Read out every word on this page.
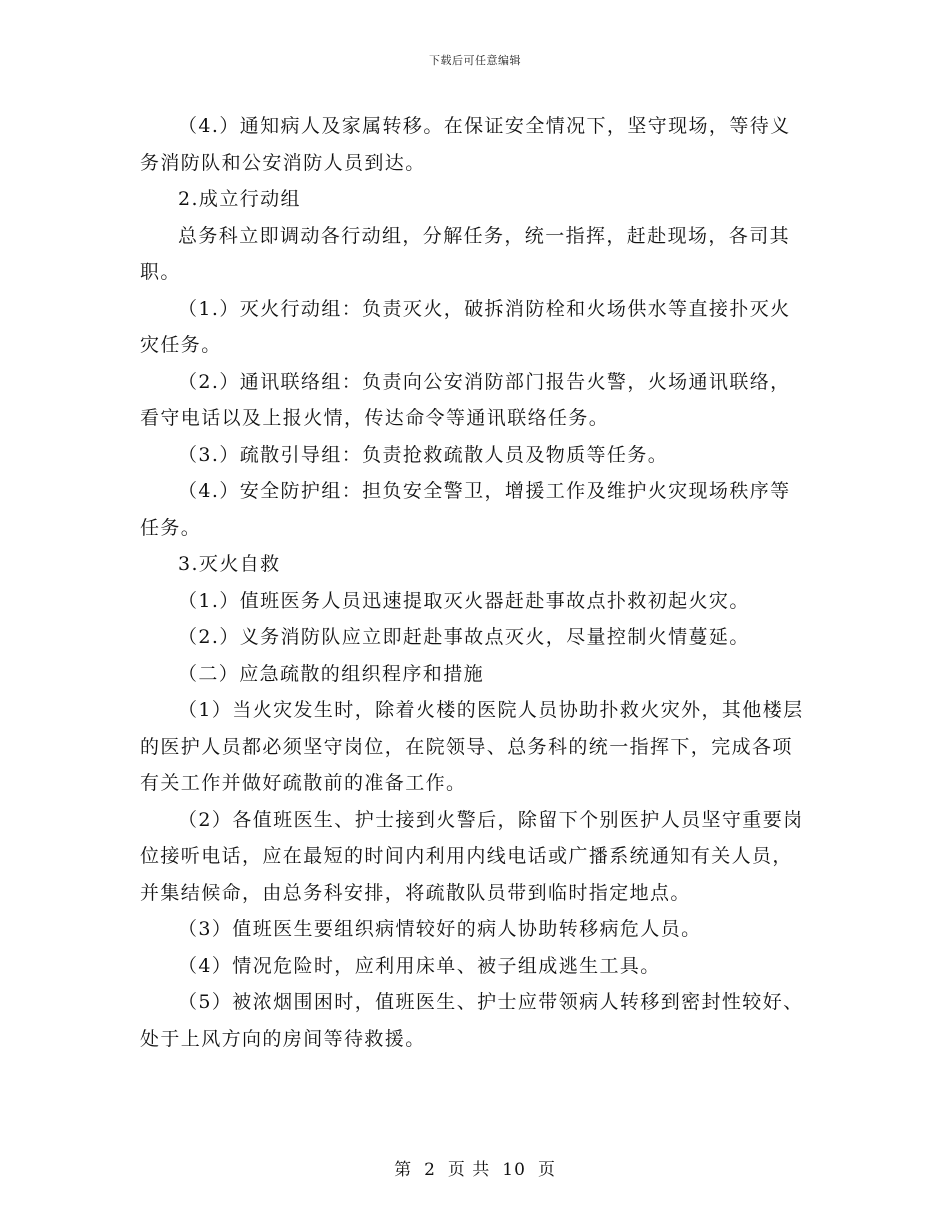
下载后可任意编辑

（4.）通知病人及家属转移。在保证安全情况下，坚守现场，等待义务消防队和公安消防人员到达。

2.成立行动组

总务科立即调动各行动组，分解任务，统一指挥，赶赴现场，各司其职。

（1.）灭火行动组：负责灭火，破拆消防栓和火场供水等直接扑灭火灾任务。

（2.）通讯联络组：负责向公安消防部门报告火警，火场通讯联络，看守电话以及上报火情，传达命令等通讯联络任务。

（3.）疏散引导组：负责抢救疏散人员及物质等任务。

（4.）安全防护组：担负安全警卫，增援工作及维护火灾现场秩序等任务。

3.灭火自救

（1.）值班医务人员迅速提取灭火器赶赴事故点扑救初起火灾。

（2.）义务消防队应立即赶赴事故点灭火，尽量控制火情蔓延。

（二）应急疏散的组织程序和措施

（1）当火灾发生时，除着火楼的医院人员协助扑救火灾外，其他楼层的医护人员都必须坚守岗位，在院领导、总务科的统一指挥下，完成各项有关工作并做好疏散前的准备工作。

（2）各值班医生、护士接到火警后，除留下个别医护人员坚守重要岗位接听电话，应在最短的时间内利用内线电话或广播系统通知有关人员，并集结候命，由总务科安排，将疏散队员带到临时指定地点。

（3）值班医生要组织病情较好的病人协助转移病危人员。

（4）情况危险时，应利用床单、被子组成逃生工具。

（5）被浓烟围困时，值班医生、护士应带领病人转移到密封性较好、处于上风方向的房间等待救援。

第 2 页 共 10 页
